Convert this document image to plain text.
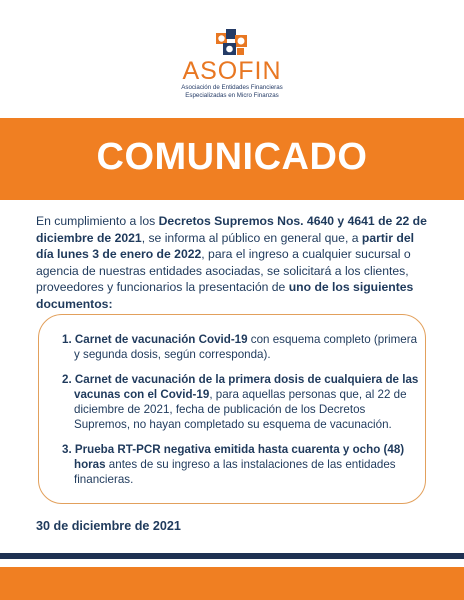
ASOFIN
Asociación de Entidades Financieras
Especializadas en Micro Finanzas
COMUNICADO
En cumplimiento a los Decretos Supremos Nos. 4640 y 4641 de 22 de diciembre de 2021, se informa al público en general que, a partir del día lunes 3 de enero de 2022, para el ingreso a cualquier sucursal o agencia de nuestras entidades asociadas, se solicitará a los clientes, proveedores y funcionarios la presentación de uno de los siguientes documentos:
1. Carnet de vacunación Covid-19 con esquema completo (primera y segunda dosis, según corresponda).
2. Carnet de vacunación de la primera dosis de cualquiera de las vacunas con el Covid-19, para aquellas personas que, al 22 de diciembre de 2021, fecha de publicación de los Decretos Supremos, no hayan completado su esquema de vacunación.
3. Prueba RT-PCR negativa emitida hasta cuarenta y ocho (48) horas antes de su ingreso a las instalaciones de las entidades financieras.
30 de diciembre de 2021
